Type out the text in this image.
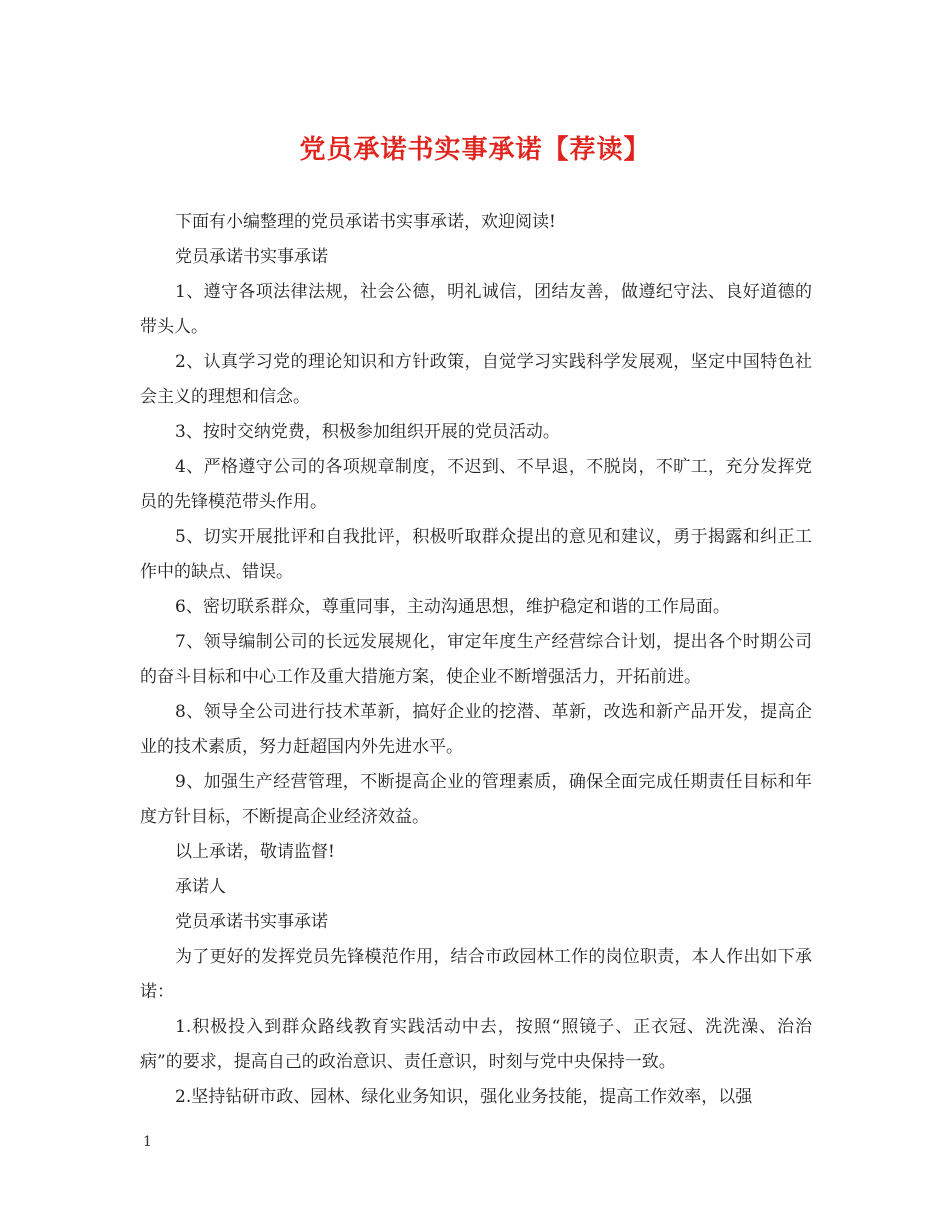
党员承诺书实事承诺【荐读】

下面有小编整理的党员承诺书实事承诺，欢迎阅读!

党员承诺书实事承诺

1、遵守各项法律法规，社会公德，明礼诚信，团结友善，做遵纪守法、良好道德的带头人。

2、认真学习党的理论知识和方针政策，自觉学习实践科学发展观，坚定中国特色社会主义的理想和信念。

3、按时交纳党费，积极参加组织开展的党员活动。

4、严格遵守公司的各项规章制度，不迟到、不早退，不脱岗，不旷工，充分发挥党员的先锋模范带头作用。

5、切实开展批评和自我批评，积极听取群众提出的意见和建议，勇于揭露和纠正工作中的缺点、错误。

6、密切联系群众，尊重同事，主动沟通思想，维护稳定和谐的工作局面。

7、领导编制公司的长远发展规化，审定年度生产经营综合计划，提出各个时期公司的奋斗目标和中心工作及重大措施方案，使企业不断增强活力，开拓前进。

8、领导全公司进行技术革新，搞好企业的挖潜、革新，改选和新产品开发，提高企业的技术素质，努力赶超国内外先进水平。

9、加强生产经营管理，不断提高企业的管理素质，确保全面完成任期责任目标和年度方针目标，不断提高企业经济效益。

以上承诺，敬请监督!

承诺人

党员承诺书实事承诺

为了更好的发挥党员先锋模范作用，结合市政园林工作的岗位职责，本人作出如下承诺：

1.积极投入到群众路线教育实践活动中去，按照“照镜子、正衣冠、洗洗澡、治治病”的要求，提高自己的政治意识、责任意识，时刻与党中央保持一致。

2.坚持钻研市政、园林、绿化业务知识，强化业务技能，提高工作效率，以强

1
